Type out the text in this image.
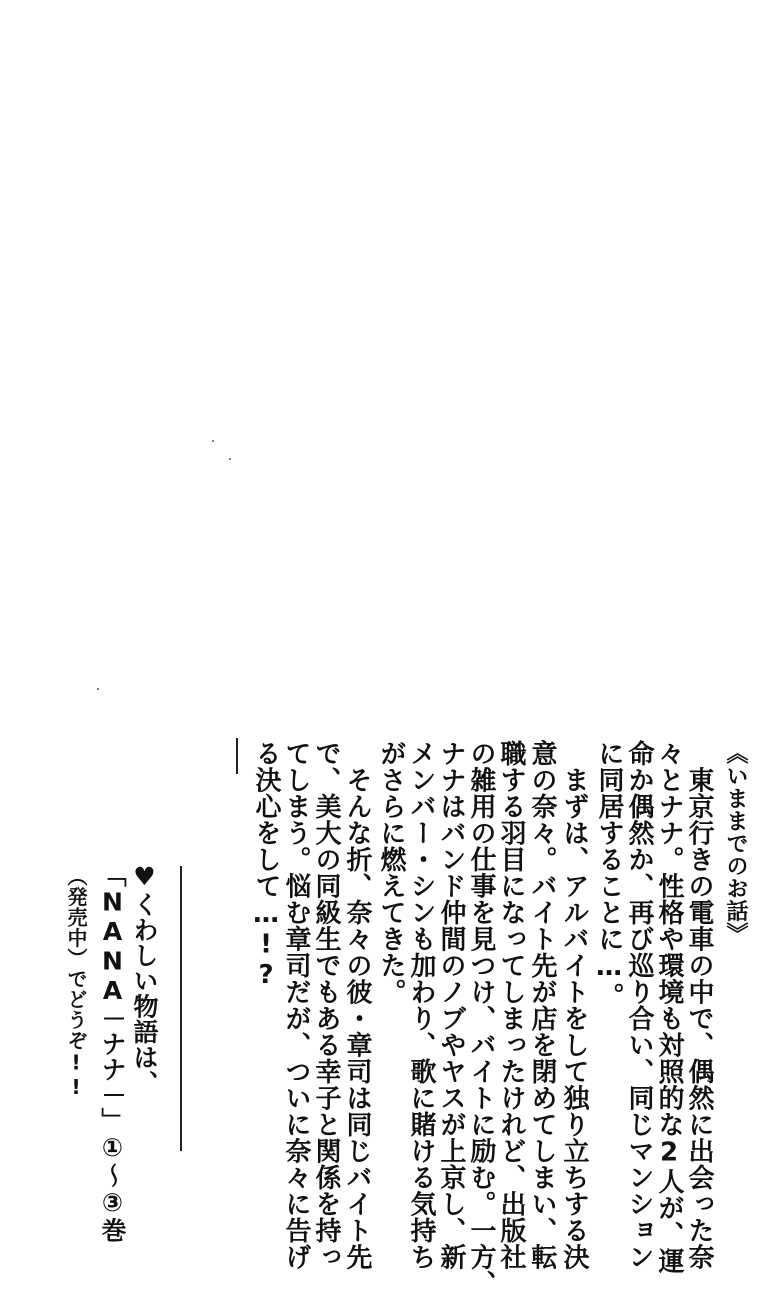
《いままでのお話》
　東京行きの電車の中で、偶然に出会った奈
々とナナ。性格や環境も対照的な2人が、運
命か偶然か、再び巡り合い、同じマンション
に同居することに…。
　まずは、アルバイトをして独り立ちする決
意の奈々。バイト先が店を閉めてしまい、転
職する羽目になってしまったけれど、出版社
の雑用の仕事を見つけ、バイトに励む。一方、
ナナはバンド仲間のノブやヤスが上京し、新
メンバー・シンも加わり、歌に賭ける気持ち
がさらに燃えてきた。
　そんな折、奈々の彼・章司は同じバイト先
で、美大の同級生でもある幸子と関係を持っ
てしまう。悩む章司だが、ついに奈々に告げ
る決心をして…!?
♥くわしい物語は、
「NANA－ナナ－」①～③巻
（発売中）でどうぞ!!
